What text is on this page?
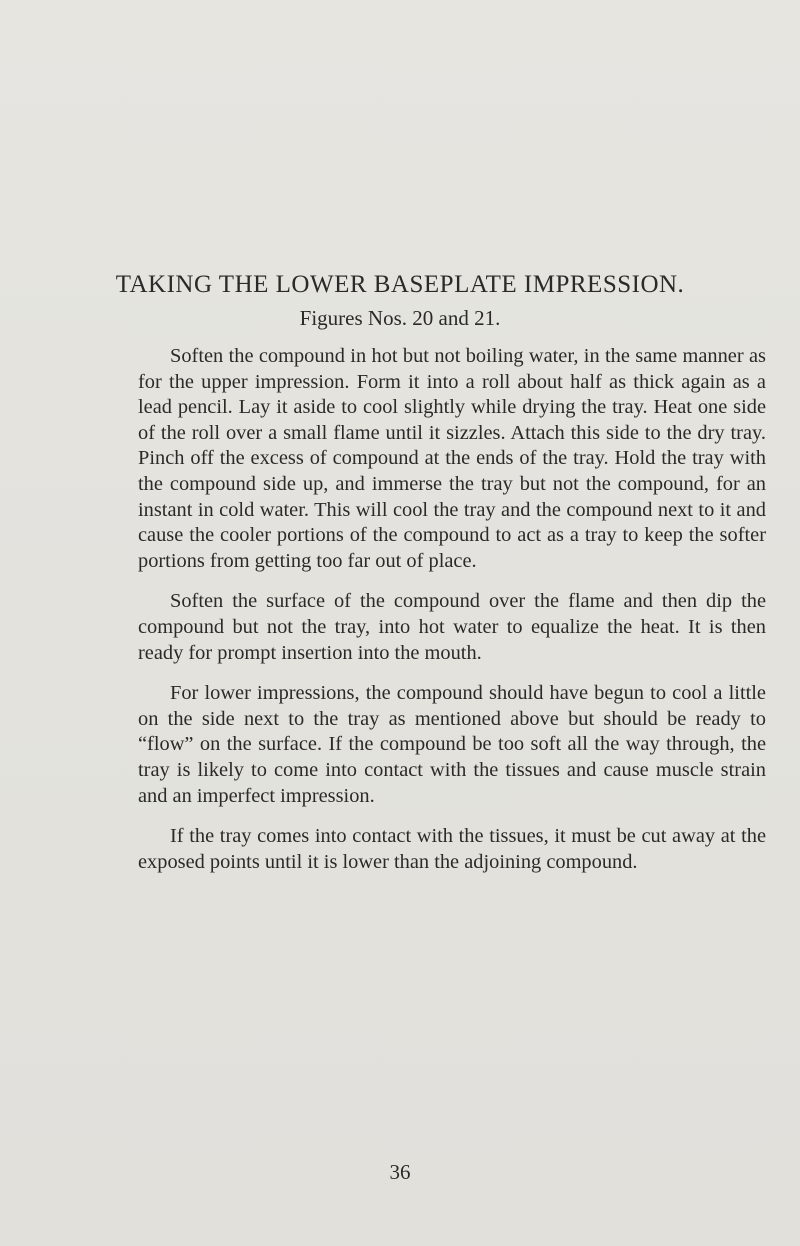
TAKING THE LOWER BASEPLATE IMPRESSION.
Figures Nos. 20 and 21.

Soften the compound in hot but not boiling water, in the same manner as for the upper impression. Form it into a roll about half as thick again as a lead pencil. Lay it aside to cool slightly while drying the tray. Heat one side of the roll over a small flame until it sizzles. Attach this side to the dry tray. Pinch off the excess of compound at the ends of the tray. Hold the tray with the compound side up, and immerse the tray but not the compound, for an instant in cold water. This will cool the tray and the compound next to it and cause the cooler portions of the compound to act as a tray to keep the softer portions from getting too far out of place.

Soften the surface of the compound over the flame and then dip the compound but not the tray, into hot water to equalize the heat. It is then ready for prompt insertion into the mouth.

For lower impressions, the compound should have begun to cool a little on the side next to the tray as mentioned above but should be ready to “flow” on the surface. If the compound be too soft all the way through, the tray is likely to come into contact with the tissues and cause muscle strain and an imperfect impression.

If the tray comes into contact with the tissues, it must be cut away at the exposed points until it is lower than the adjoining compound.

36
